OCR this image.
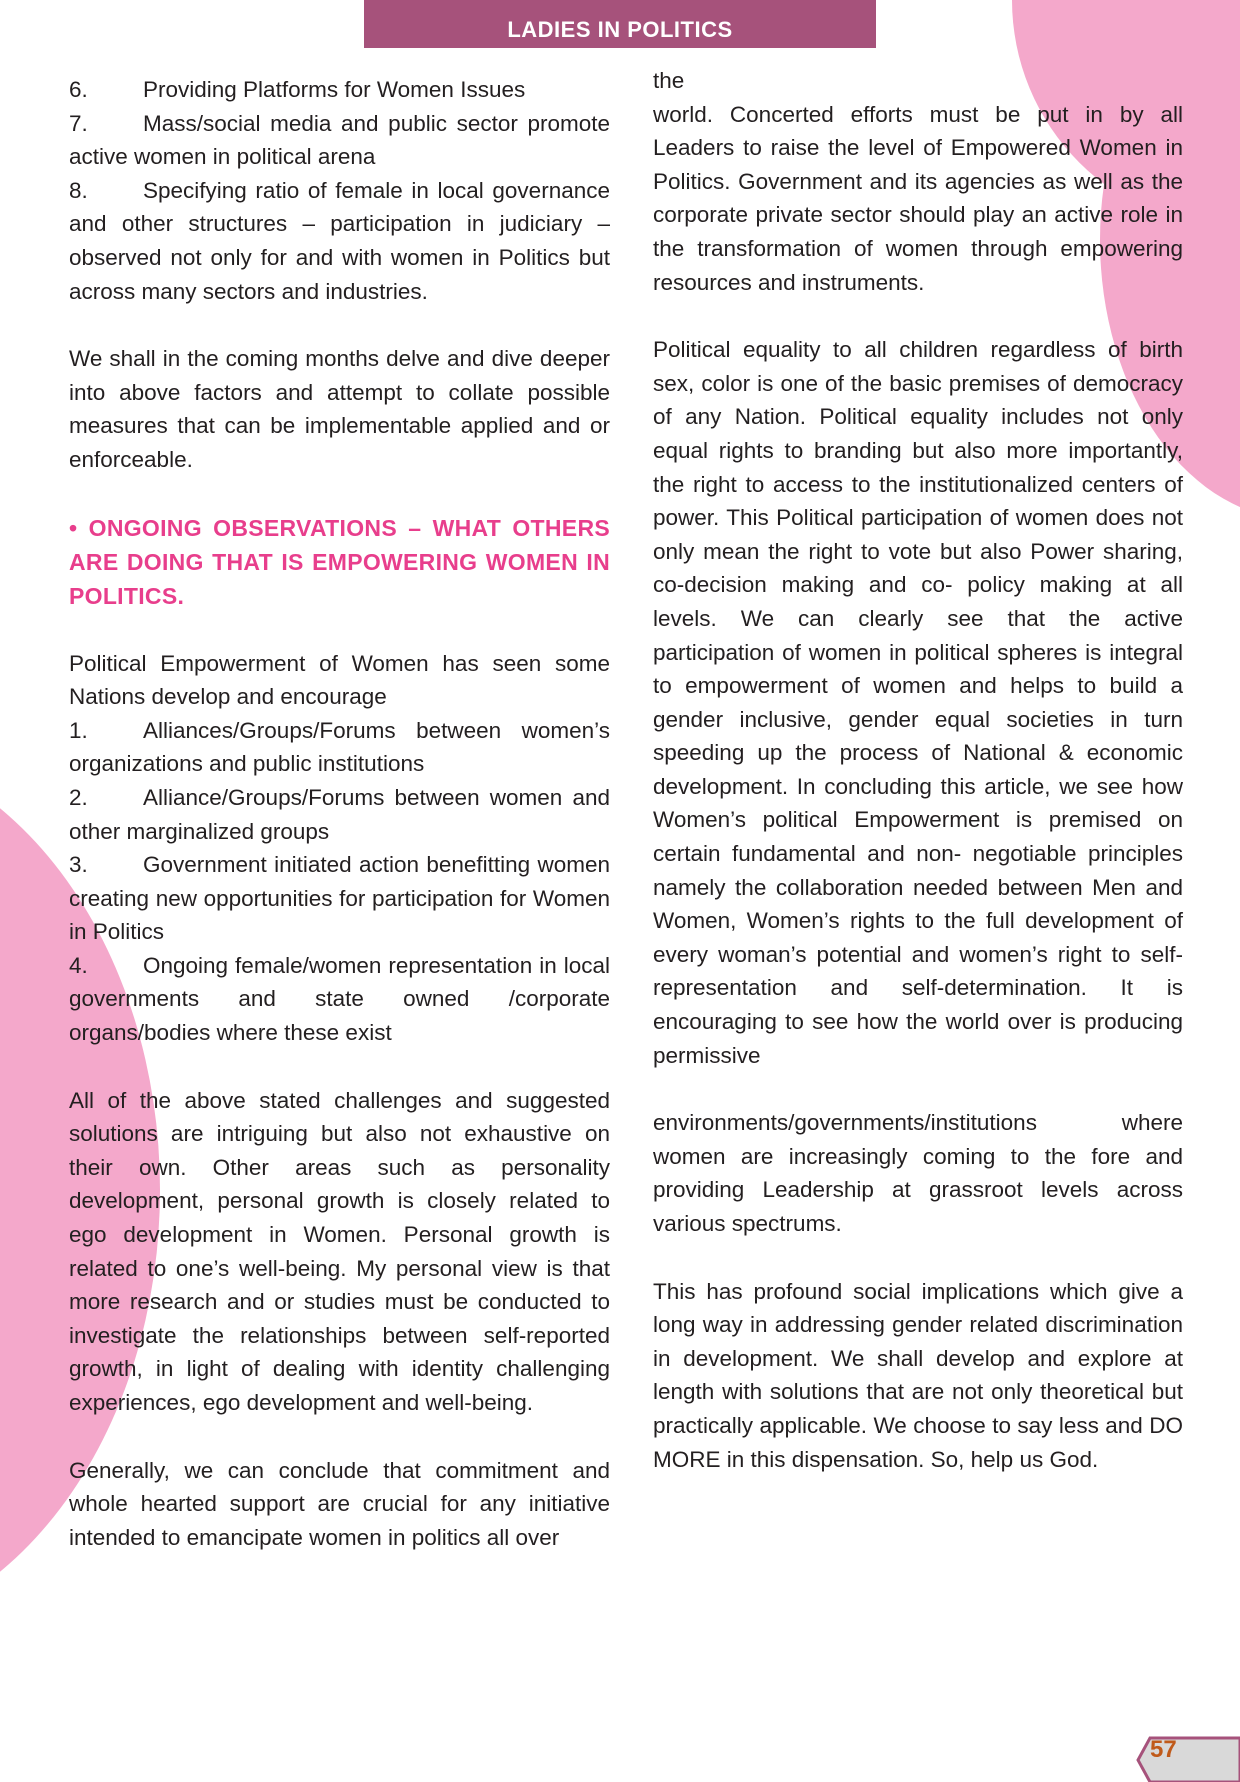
LADIES IN POLITICS

6. Providing Platforms for Women Issues

7. Mass/social media and public sector promote active women in political arena

8. Specifying ratio of female in local governance and other structures – participation in judiciary – observed not only for and with women in Politics but across many sectors and industries.

We shall in the coming months delve and dive deeper into above factors and attempt to collate possible measures that can be implementable applied and or enforceable.

• ONGOING OBSERVATIONS – WHAT OTHERS ARE DOING THAT IS EMPOWERING WOMEN IN POLITICS.

Political Empowerment of Women has seen some Nations develop and encourage

1. Alliances/Groups/Forums between women’s organizations and public institutions

2. Alliance/Groups/Forums between women and other marginalized groups

3. Government initiated action benefitting women creating new opportunities for participation for Women in Politics

4. Ongoing female/women representation in local governments and state owned /corporate organs/bodies where these exist

All of the above stated challenges and suggested solutions are intriguing but also not exhaustive on their own. Other areas such as personality development, personal growth is closely related to ego development in Women. Personal growth is related to one’s well-being. My personal view is that more research and or studies must be conducted to investigate the relationships between self-reported growth, in light of dealing with identity challenging experiences, ego development and well-being.

Generally, we can conclude that commitment and whole hearted support are crucial for any initiative intended to emancipate women in politics all over

the

world. Concerted efforts must be put in by all Leaders to raise the level of Empowered Women in Politics. Government and its agencies as well as the corporate private sector should play an active role in the transformation of women through empowering resources and instruments.

Political equality to all children regardless of birth sex, color is one of the basic premises of democracy of any Nation. Political equality includes not only equal rights to branding but also more importantly, the right to access to the institutionalized centers of power. This Political participation of women does not only mean the right to vote but also Power sharing, co-decision making and co- policy making at all levels. We can clearly see that the active participation of women in political spheres is integral to empowerment of women and helps to build a gender inclusive, gender equal societies in turn speeding up the process of National & economic development. In concluding this article, we see how Women’s political Empowerment is premised on certain fundamental and non- negotiable principles namely the collaboration needed between Men and Women, Women’s rights to the full development of every woman’s potential and women’s right to self-representation and self-determination. It is encouraging to see how the world over is producing permissive

environments/governments/institutions where women are increasingly coming to the fore and providing Leadership at grassroot levels across various spectrums.

This has profound social implications which give a long way in addressing gender related discrimination in development. We shall develop and explore at length with solutions that are not only theoretical but practically applicable. We choose to say less and DO MORE in this dispensation. So, help us God.

57
